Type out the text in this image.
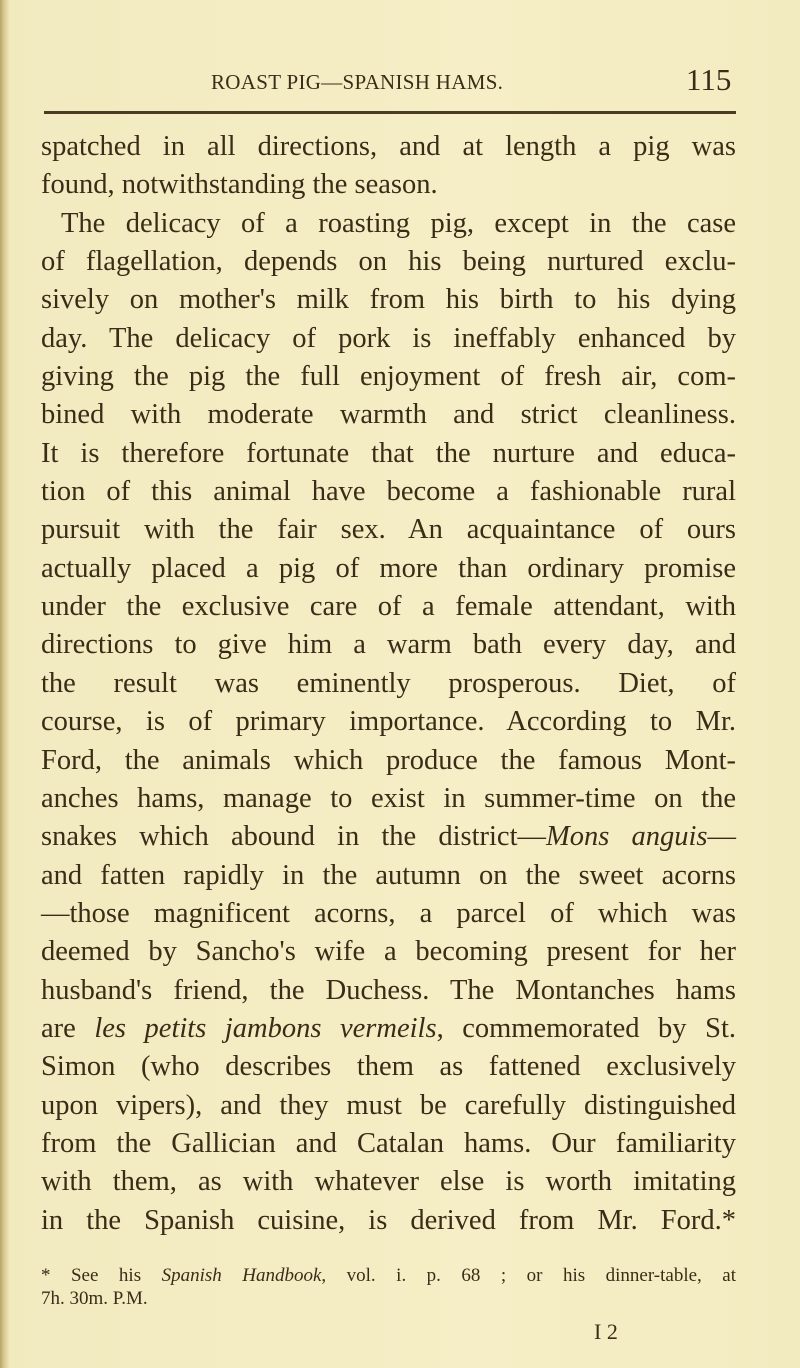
ROAST PIG—SPANISH HAMS.	115
spatched in all directions, and at length a pig was
found, notwithstanding the season.
The delicacy of a roasting pig, except in the case
of flagellation, depends on his being nurtured exclu-
sively on mother's milk from his birth to his dying
day. The delicacy of pork is ineffably enhanced by
giving the pig the full enjoyment of fresh air, com-
bined with moderate warmth and strict cleanliness.
It is therefore fortunate that the nurture and educa-
tion of this animal have become a fashionable rural
pursuit with the fair sex. An acquaintance of ours
actually placed a pig of more than ordinary promise
under the exclusive care of a female attendant, with
directions to give him a warm bath every day, and
the result was eminently prosperous. Diet, of
course, is of primary importance. According to Mr.
Ford, the animals which produce the famous Mont-
anches hams, manage to exist in summer-time on the
snakes which abound in the district—Mons anguis—
and fatten rapidly in the autumn on the sweet acorns
—those magnificent acorns, a parcel of which was
deemed by Sancho's wife a becoming present for her
husband's friend, the Duchess. The Montanches hams
are les petits jambons vermeils, commemorated by St.
Simon (who describes them as fattened exclusively
upon vipers), and they must be carefully distinguished
from the Gallician and Catalan hams. Our familiarity
with them, as with whatever else is worth imitating
in the Spanish cuisine, is derived from Mr. Ford.*
* See his Spanish Handbook, vol. i. p. 68 ; or his dinner-table, at
7h. 30m. P.M.
I 2
